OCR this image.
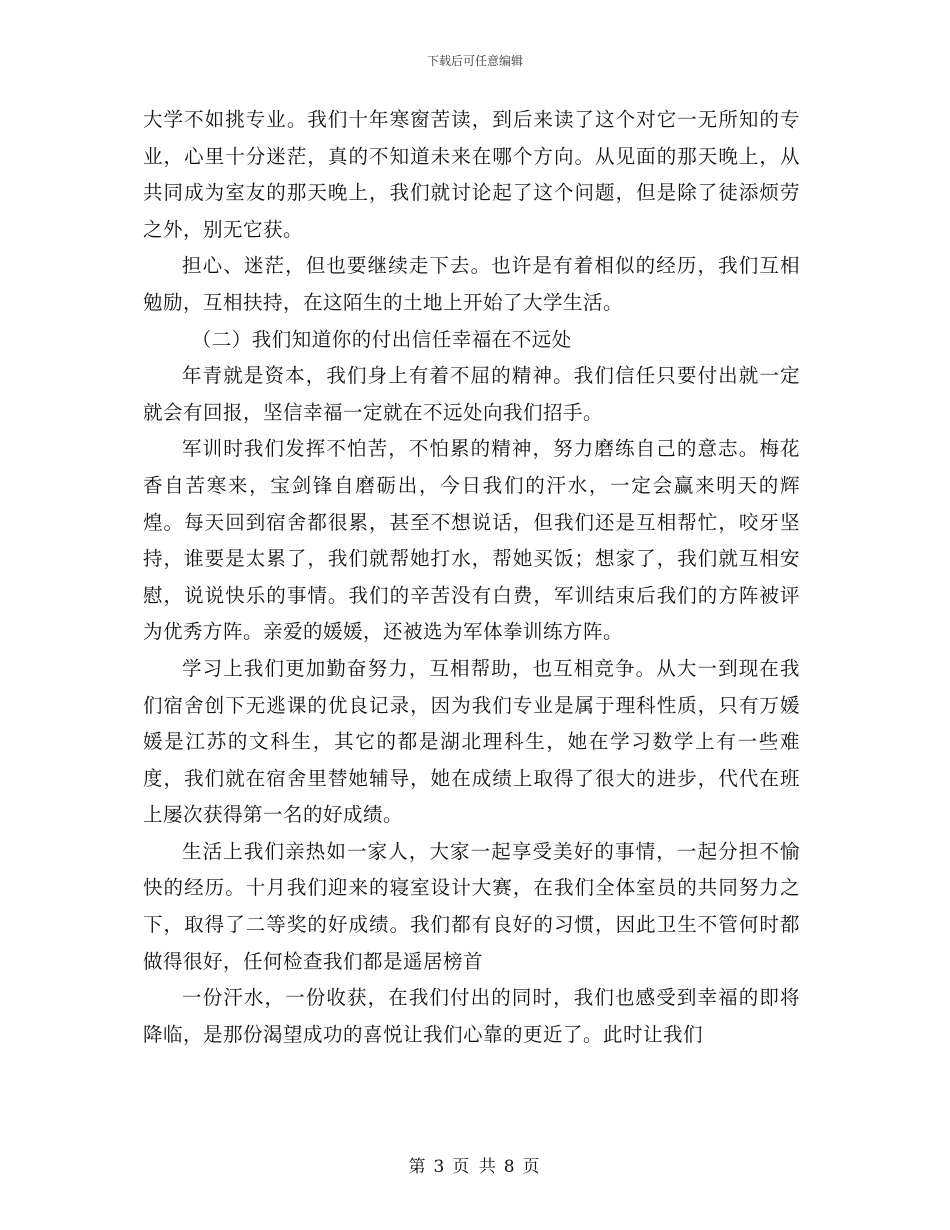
下载后可任意编辑

大学不如挑专业。我们十年寒窗苦读，到后来读了这个对它一无所知的专业，心里十分迷茫，真的不知道未来在哪个方向。从见面的那天晚上，从共同成为室友的那天晚上，我们就讨论起了这个问题，但是除了徒添烦劳之外，别无它获。

担心、迷茫，但也要继续走下去。也许是有着相似的经历，我们互相勉励，互相扶持，在这陌生的土地上开始了大学生活。

（二）我们知道你的付出信任幸福在不远处

年青就是资本，我们身上有着不屈的精神。我们信任只要付出就一定就会有回报，坚信幸福一定就在不远处向我们招手。

军训时我们发挥不怕苦，不怕累的精神，努力磨练自己的意志。梅花香自苦寒来，宝剑锋自磨砺出，今日我们的汗水，一定会赢来明天的辉煌。每天回到宿舍都很累，甚至不想说话，但我们还是互相帮忙，咬牙坚持，谁要是太累了，我们就帮她打水，帮她买饭；想家了，我们就互相安慰，说说快乐的事情。我们的辛苦没有白费，军训结束后我们的方阵被评为优秀方阵。亲爱的媛媛，还被选为军体拳训练方阵。

学习上我们更加勤奋努力，互相帮助，也互相竞争。从大一到现在我们宿舍创下无逃课的优良记录，因为我们专业是属于理科性质，只有万媛媛是江苏的文科生，其它的都是湖北理科生，她在学习数学上有一些难度，我们就在宿舍里替她辅导，她在成绩上取得了很大的进步，代代在班上屡次获得第一名的好成绩。

生活上我们亲热如一家人，大家一起享受美好的事情，一起分担不愉快的经历。十月我们迎来的寝室设计大赛，在我们全体室员的共同努力之下，取得了二等奖的好成绩。我们都有良好的习惯，因此卫生不管何时都做得很好，任何检查我们都是遥居榜首

一份汗水，一份收获，在我们付出的同时，我们也感受到幸福的即将降临，是那份渴望成功的喜悦让我们心靠的更近了。此时让我们

第 3 页 共 8 页
